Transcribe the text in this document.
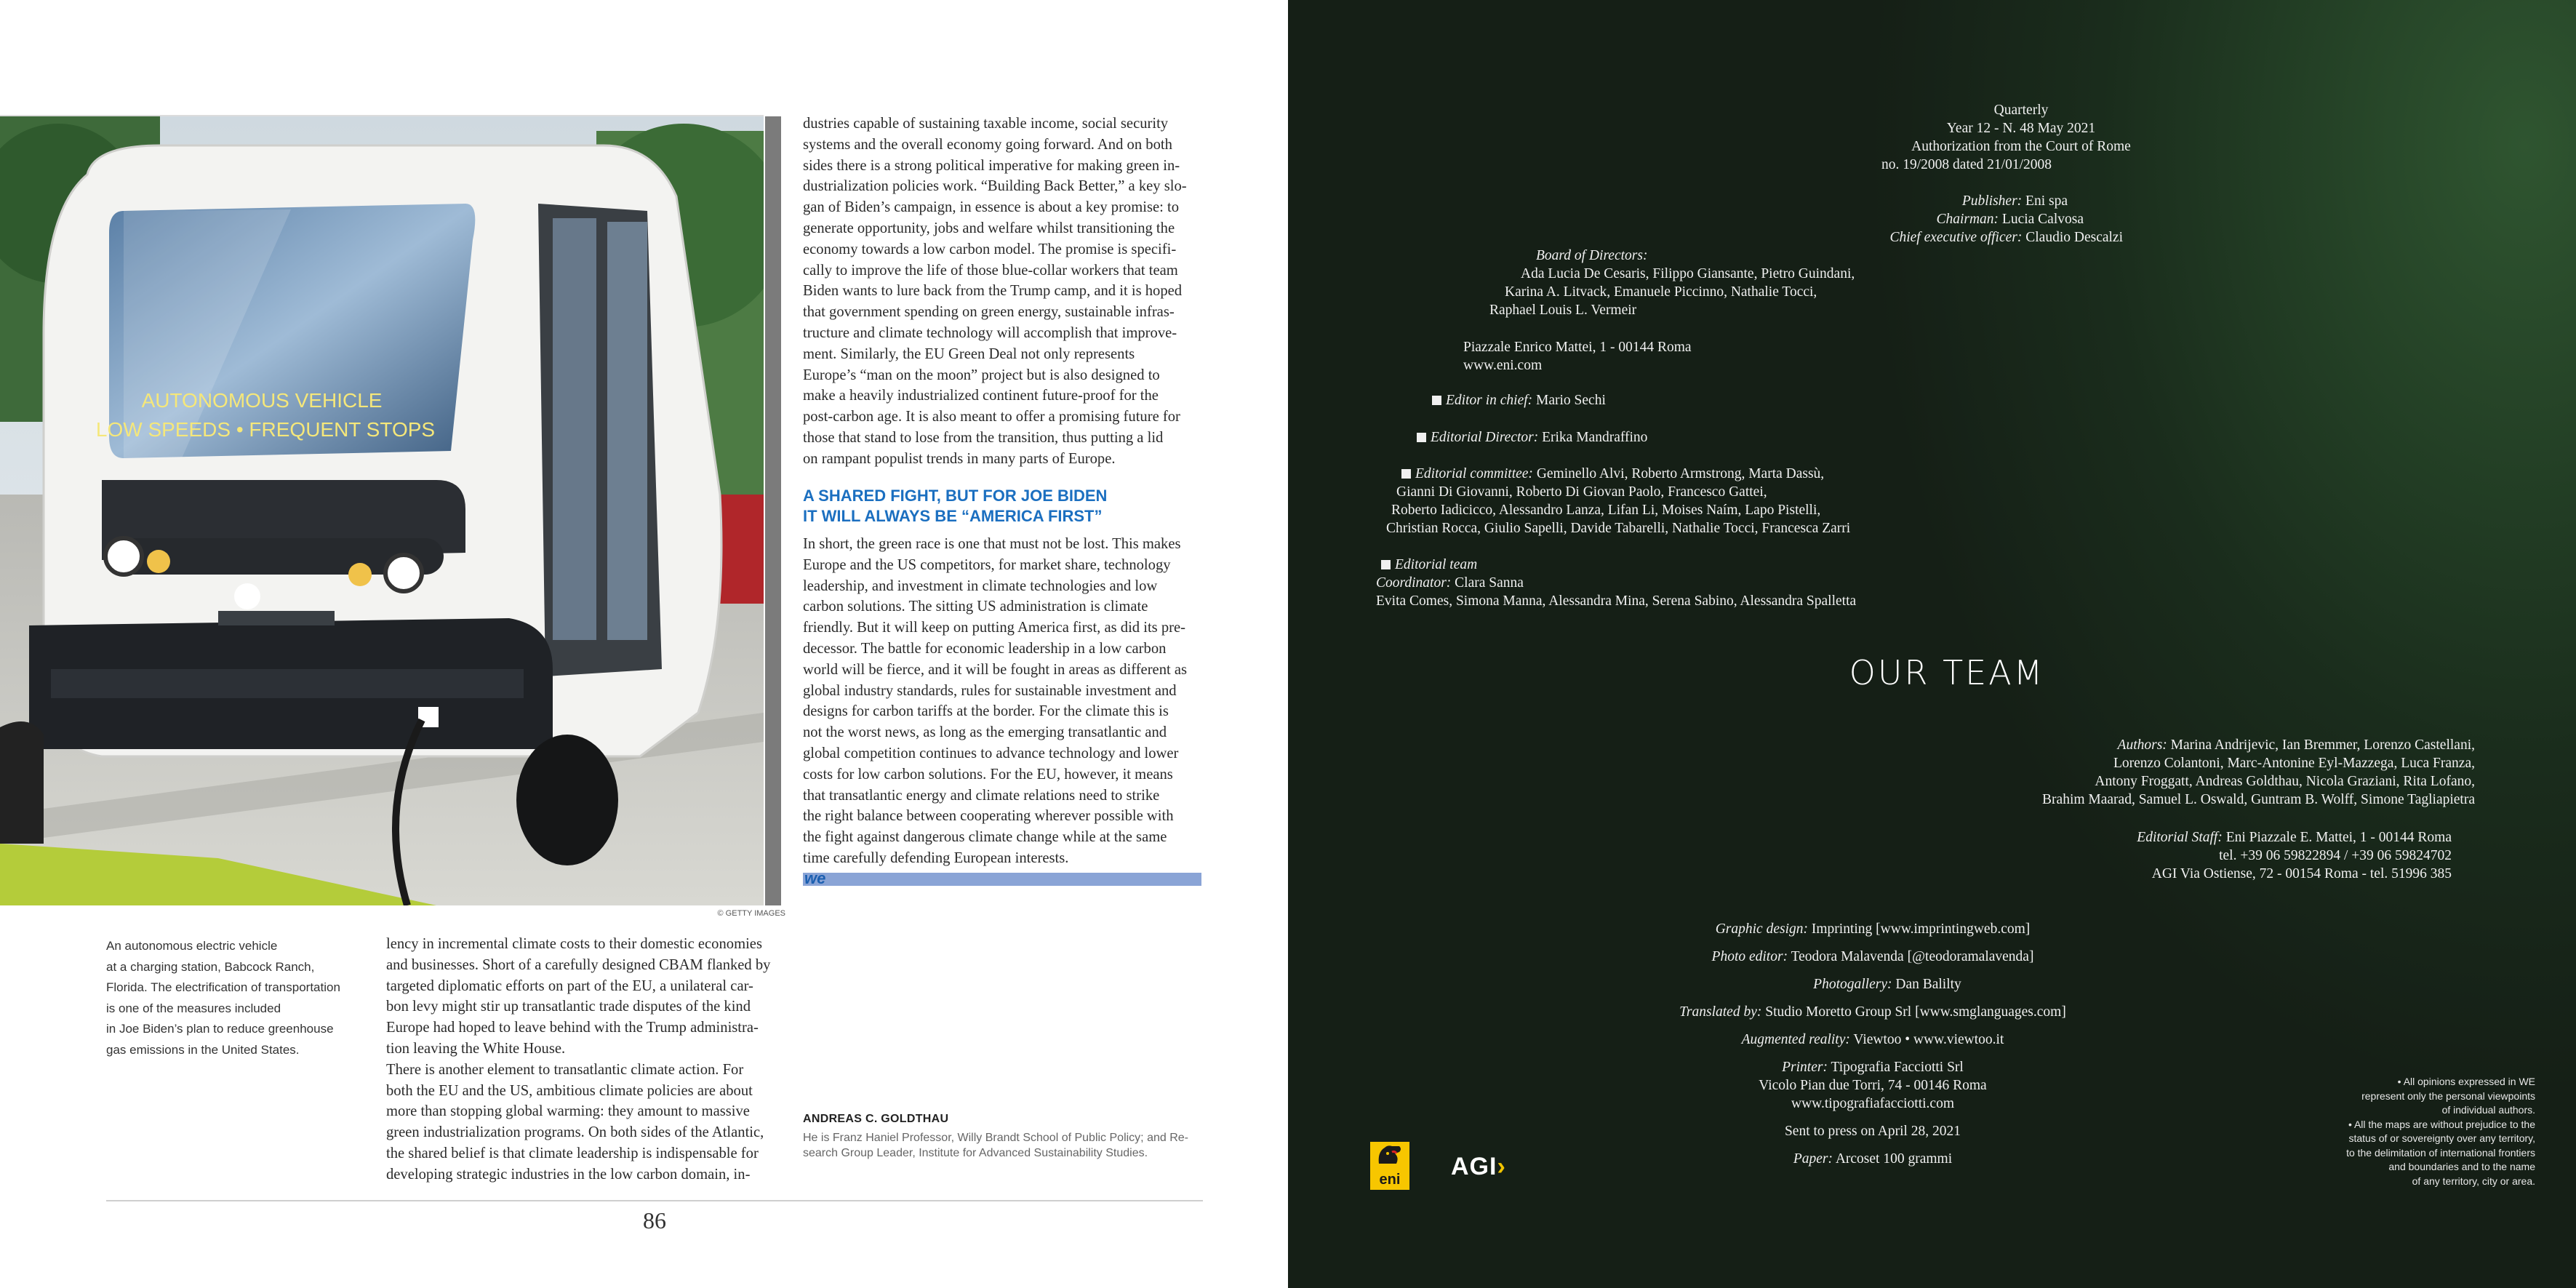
AUTONOMOUS VEHICLE
LOW SPEEDS • FREQUENT STOPS
© GETTY IMAGES
dustries capable of sustaining taxable income, social security
systems and the overall economy going forward. And on both
sides there is a strong political imperative for making green in-
dustrialization policies work. “Building Back Better,” a key slo-
gan of Biden’s campaign, in essence is about a key promise: to
generate opportunity, jobs and welfare whilst transitioning the
economy towards a low carbon model. The promise is specifi-
cally to improve the life of those blue-collar workers that team
Biden wants to lure back from the Trump camp, and it is hoped
that government spending on green energy, sustainable infras-
tructure and climate technology will accomplish that improve-
ment. Similarly, the EU Green Deal not only represents
Europe’s “man on the moon” project but is also designed to
make a heavily industrialized continent future-proof for the
post-carbon age. It is also meant to offer a promising future for
those that stand to lose from the transition, thus putting a lid
on rampant populist trends in many parts of Europe.
A SHARED FIGHT, BUT FOR JOE BIDEN
IT WILL ALWAYS BE “AMERICA FIRST”
In short, the green race is one that must not be lost. This makes
Europe and the US competitors, for market share, technology
leadership, and investment in climate technologies and low
carbon solutions. The sitting US administration is climate
friendly. But it will keep on putting America first, as did its pre-
decessor. The battle for economic leadership in a low carbon
world will be fierce, and it will be fought in areas as different as
global industry standards, rules for sustainable investment and
designs for carbon tariffs at the border. For the climate this is
not the worst news, as long as the emerging transatlantic and
global competition continues to advance technology and lower
costs for low carbon solutions. For the EU, however, it means
that transatlantic energy and climate relations need to strike
the right balance between cooperating wherever possible with
the fight against dangerous climate change while at the same
time carefully defending European interests.
we
An autonomous electric vehicle
at a charging station, Babcock Ranch,
Florida. The electrification of transportation
is one of the measures included
in Joe Biden’s plan to reduce greenhouse
gas emissions in the United States.
lency in incremental climate costs to their domestic economies
and businesses. Short of a carefully designed CBAM flanked by
targeted diplomatic efforts on part of the EU, a unilateral car-
bon levy might stir up transatlantic trade disputes of the kind
Europe had hoped to leave behind with the Trump administra-
tion leaving the White House.
There is another element to transatlantic climate action. For
both the EU and the US, ambitious climate policies are about
more than stopping global warming: they amount to massive
green industrialization programs. On both sides of the Atlantic,
the shared belief is that climate leadership is indispensable for
developing strategic industries in the low carbon domain, in-
ANDREAS C. GOLDTHAU
He is Franz Haniel Professor, Willy Brandt School of Public Policy; and Re-
search Group Leader, Institute for Advanced Sustainability Studies.
86
Quarterly
Year 12 - N. 48 May 2021
Authorization from the Court of Rome
no. 19/2008 dated 21/01/2008
Publisher: Eni spa
Chairman: Lucia Calvosa
Chief executive officer: Claudio Descalzi
Board of Directors:
Ada Lucia De Cesaris, Filippo Giansante, Pietro Guindani,
Karina A. Litvack, Emanuele Piccinno, Nathalie Tocci,
Raphael Louis L. Vermeir
Piazzale Enrico Mattei, 1 - 00144 Roma
www.eni.com
Editor in chief: Mario Sechi
Editorial Director: Erika Mandraffino
Editorial committee: Geminello Alvi, Roberto Armstrong, Marta Dassù,
Gianni Di Giovanni, Roberto Di Giovan Paolo, Francesco Gattei,
Roberto Iadicicco, Alessandro Lanza, Lifan Li, Moises Naím, Lapo Pistelli,
Christian Rocca, Giulio Sapelli, Davide Tabarelli, Nathalie Tocci, Francesca Zarri
Editorial team
Coordinator: Clara Sanna
Evita Comes, Simona Manna, Alessandra Mina, Serena Sabino, Alessandra Spalletta
OUR TEAM
Authors: Marina Andrijevic, Ian Bremmer, Lorenzo Castellani,
Lorenzo Colantoni, Marc-Antonine Eyl-Mazzega, Luca Franza,
Antony Froggatt, Andreas Goldthau, Nicola Graziani, Rita Lofano,
Brahim Maarad, Samuel L. Oswald, Guntram B. Wolff, Simone Tagliapietra
Editorial Staff: Eni Piazzale E. Mattei, 1 - 00144 Roma
tel. +39 06 59822894 / +39 06 59824702
AGI Via Ostiense, 72 - 00154 Roma - tel. 51996 385
Graphic design: Imprinting [www.imprintingweb.com]
Photo editor: Teodora Malavenda [@teodoramalavenda]
Photogallery: Dan Balilty
Translated by: Studio Moretto Group Srl [www.smglanguages.com]
Augmented reality: Viewtoo • www.viewtoo.it
Printer: Tipografia Facciotti Srl
Vicolo Pian due Torri, 74 - 00146 Roma
www.tipografiafacciotti.com
Sent to press on April 28, 2021
Paper: Arcoset 100 grammi
• All opinions expressed in WE
represent only the personal viewpoints
of individual authors.
• All the maps are without prejudice to the
status of or sovereignty over any territory,
to the delimitation of international frontiers
and boundaries and to the name
of any territory, city or area.
eni AGI›
